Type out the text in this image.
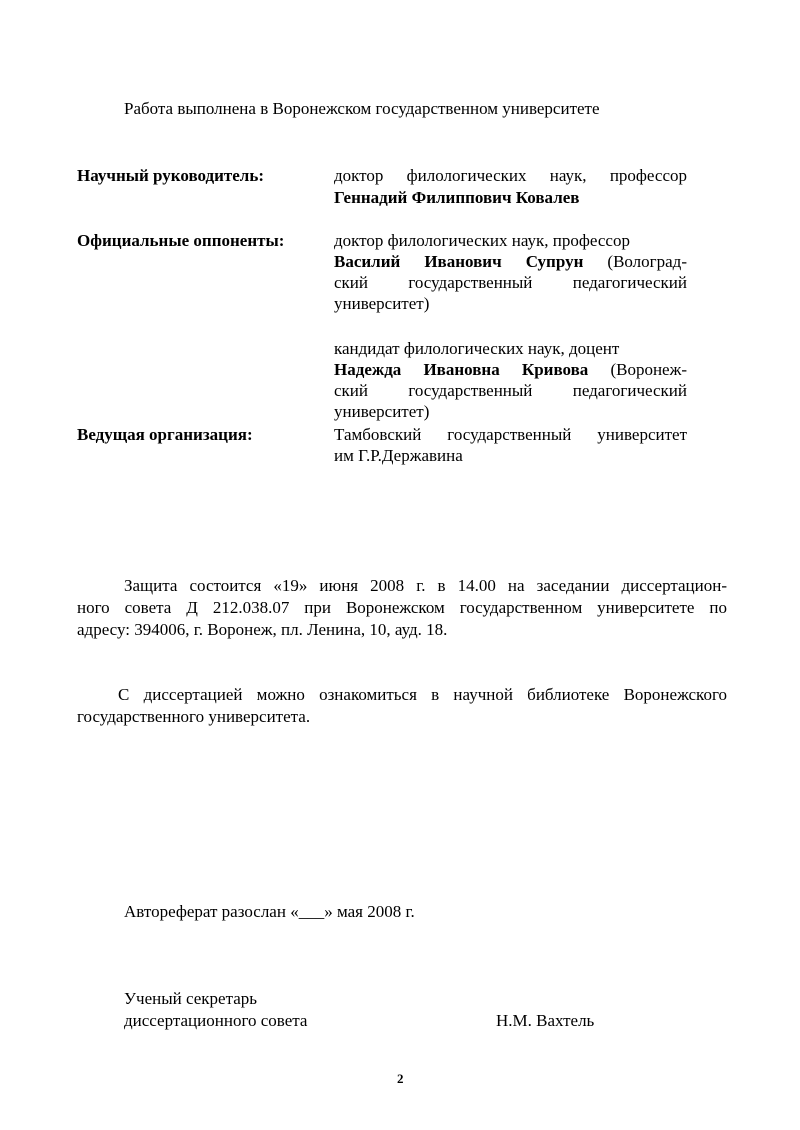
Работа выполнена в Воронежском государственном университете
Научный руководитель:	доктор филологических наук, профессор
Геннадий Филиппович Ковалев
Официальные оппоненты:	доктор филологических наук, профессор
Василий Иванович Супрун (Волоград-
ский государственный педагогический
университет)
кандидат филологических наук, доцент
Надежда Ивановна Кривова (Воронеж-
ский государственный педагогический
университет)
Ведущая организация:	Тамбовский государственный университет
им Г.Р.Державина
Защита состоится «19» июня 2008 г. в 14.00 на заседании диссертацион-
ного совета Д 212.038.07 при Воронежском государственном университете по
адресу: 394006, г. Воронеж, пл. Ленина, 10, ауд. 18.
С диссертацией можно ознакомиться в научной библиотеке Воронежского
государственного университета.
Автореферат разослан «___» мая 2008 г.
Ученый секретарь
диссертационного совета	Н.М. Вахтель
2
